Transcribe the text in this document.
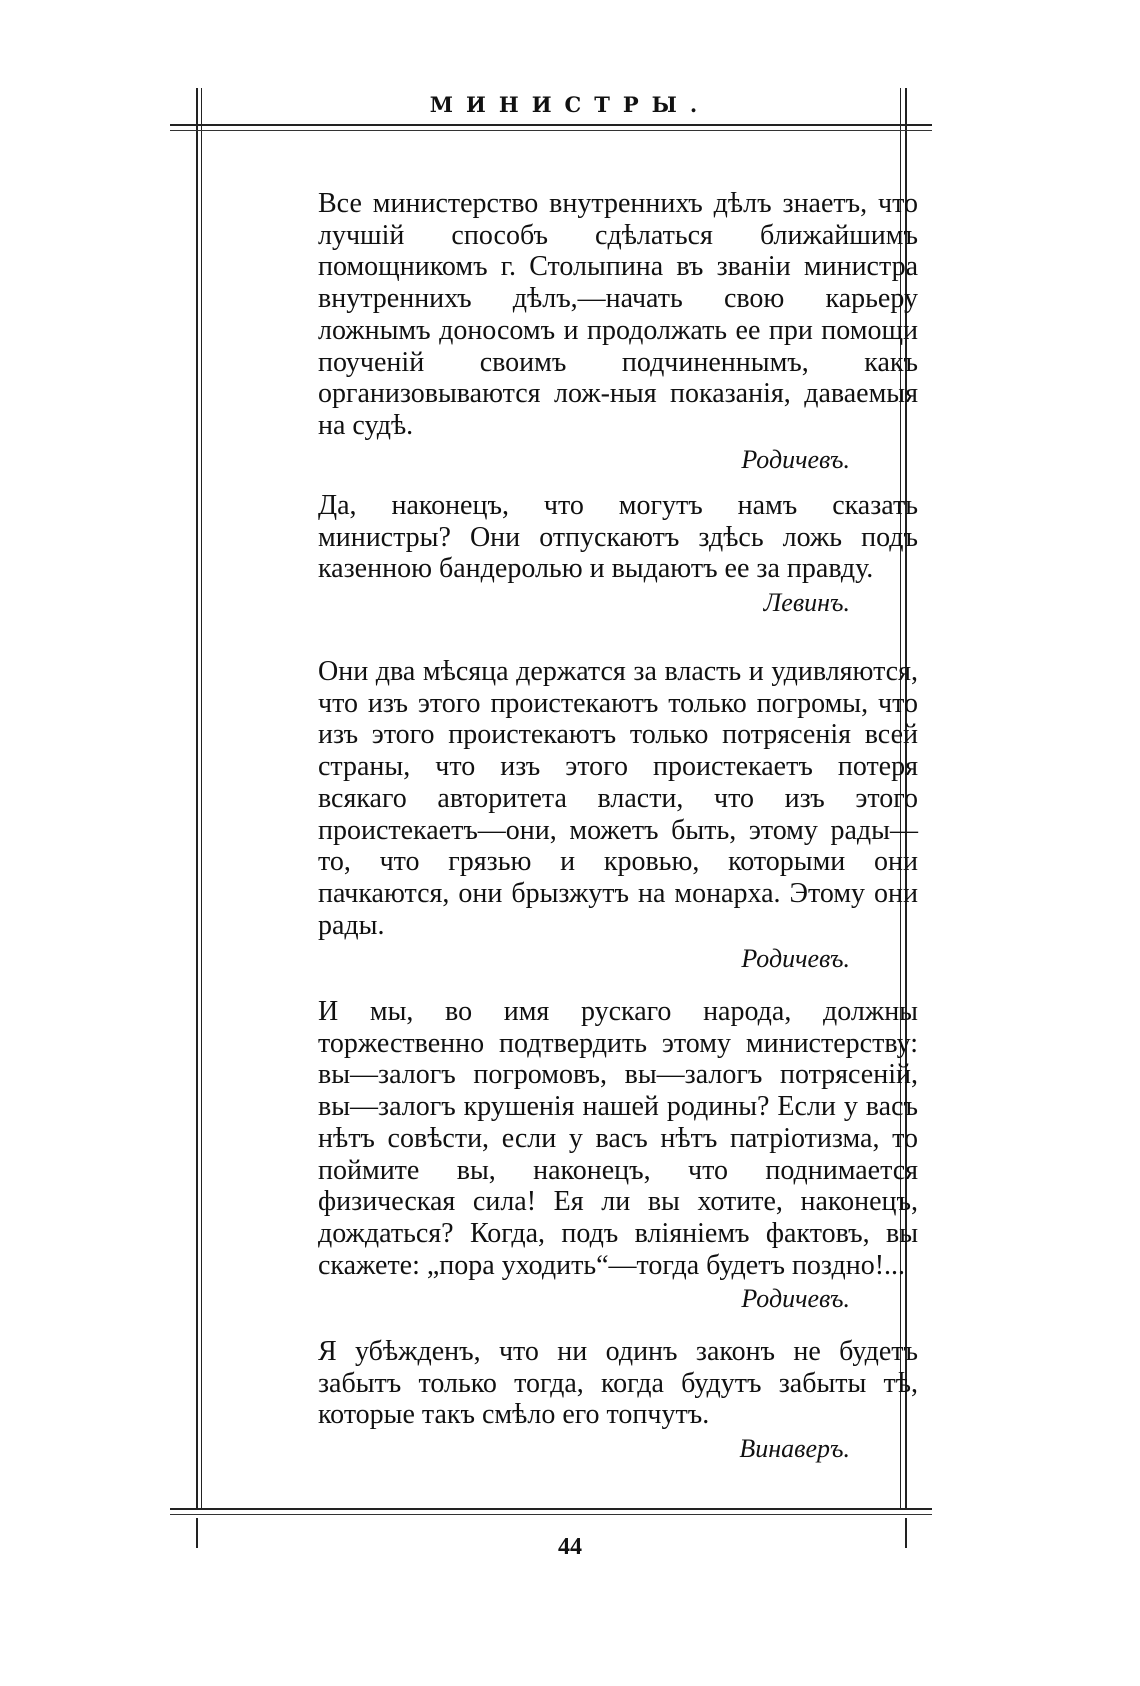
МИНИСТРЫ.

Все министерство внутреннихъ дѣлъ знаетъ, что лучшій способъ сдѣлаться ближайшимъ помощникомъ г. Столыпина въ званіи министра внутреннихъ дѣлъ,—начать свою карьеру ложнымъ доносомъ и продолжать ее при помощи поученій своимъ подчиненнымъ, какъ организовываются лож-ныя показанія, даваемыя на судѣ.

Родичевъ.

Да, наконецъ, что могутъ намъ сказать министры? Они отпускаютъ здѣсь ложь подъ казенною бандеролью и выдаютъ ее за правду.

Левинъ.

Они два мѣсяца держатся за власть и удивляются, что изъ этого проистекаютъ только погромы, что изъ этого проистекаютъ только потрясенія всей страны, что изъ этого проистекаетъ потеря всякаго авторитета власти, что изъ этого проистекаетъ—они, можетъ быть, этому рады—то, что грязью и кровью, которыми они пачкаются, они брызжутъ на монарха. Этому они рады.

Родичевъ.

И мы, во имя рускаго народа, должны торжественно подтвердить этому министерству: вы—залогъ погромовъ, вы—залогъ потрясеній, вы—залогъ крушенія нашей родины? Если у васъ нѣтъ совѣсти, если у васъ нѣтъ патріотизма, то поймите вы, наконецъ, что поднимается физическая сила! Ея ли вы хотите, наконецъ, дождаться? Когда, подъ вліяніемъ фактовъ, вы скажете: „пора уходить“—тогда будетъ поздно!...

Родичевъ.

Я убѣжденъ, что ни одинъ законъ не будетъ забытъ только тогда, когда будутъ забыты тѣ, которые такъ смѣло его топчутъ.

Винаверъ.

44
